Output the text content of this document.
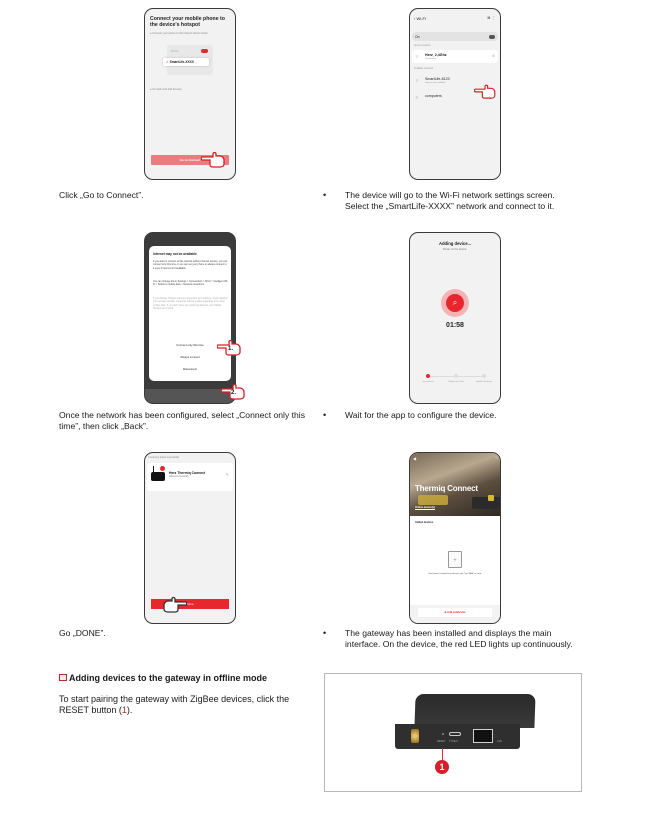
Connect your mobile phone to the device's hotspot
● Connect your phone to the hotspot shown below
WLAN
✓ SmartLife-XXXX
● Go back and add devices.
Go to Connect
Click „Go to Connect”.
‹ Wi-Fi	⌘ ⋮
On
Current network
⌔ Herz_2,4Ghz
Connected
⚙
Available networks
⌔ SmartLife-8123
Internet not available
⌔ computers
• The device will go to the Wi-Fi network settings screen. Select the „SmartLife-XXXX” network and connect to it.
Internet may not be available
If you want to connect to this network without Internet access, you can connect only this time or you can set your phone to always connect to it even if Internet isn't available.
You can change this in Settings > Connections > Wi-Fi > Intelligent Wi-Fi > Switch to mobile data > Network exceptions.
If your Mobile Hotspot internet connection isn't working, check whether your service provider measures tethering data separately from other mobile data. If you don't have any tethering data left, your Mobile Hotspot won't work.
Connect only this time
Always connect
Disconnect
1.
2.
Once the network has been configured, select „Connect only this time”, then click „Back”.
Adding device...
Power on the device.
⌕
01:58
Scan devices	Register on Cloud	Initialize the device
• Wait for the app to configure the device.
1 device(s) added successfully
Herz Thermiq Connect
Added successfully	✎
Done
Go „DONE”.
◀	✎
Thermiq Connect
Online device(s)
Added devices
+
You haven't created any devices yet. Tap "Add" to start.
⊕ Add subdevice
• The gateway has been installed and displays the main interface. On the device, the red LED lights up continuously.
Adding devices to the gateway in offline mode
To start pairing the gateway with ZigBee devices, click the RESET button (1).
RESET TYPE-C	LAN
1
